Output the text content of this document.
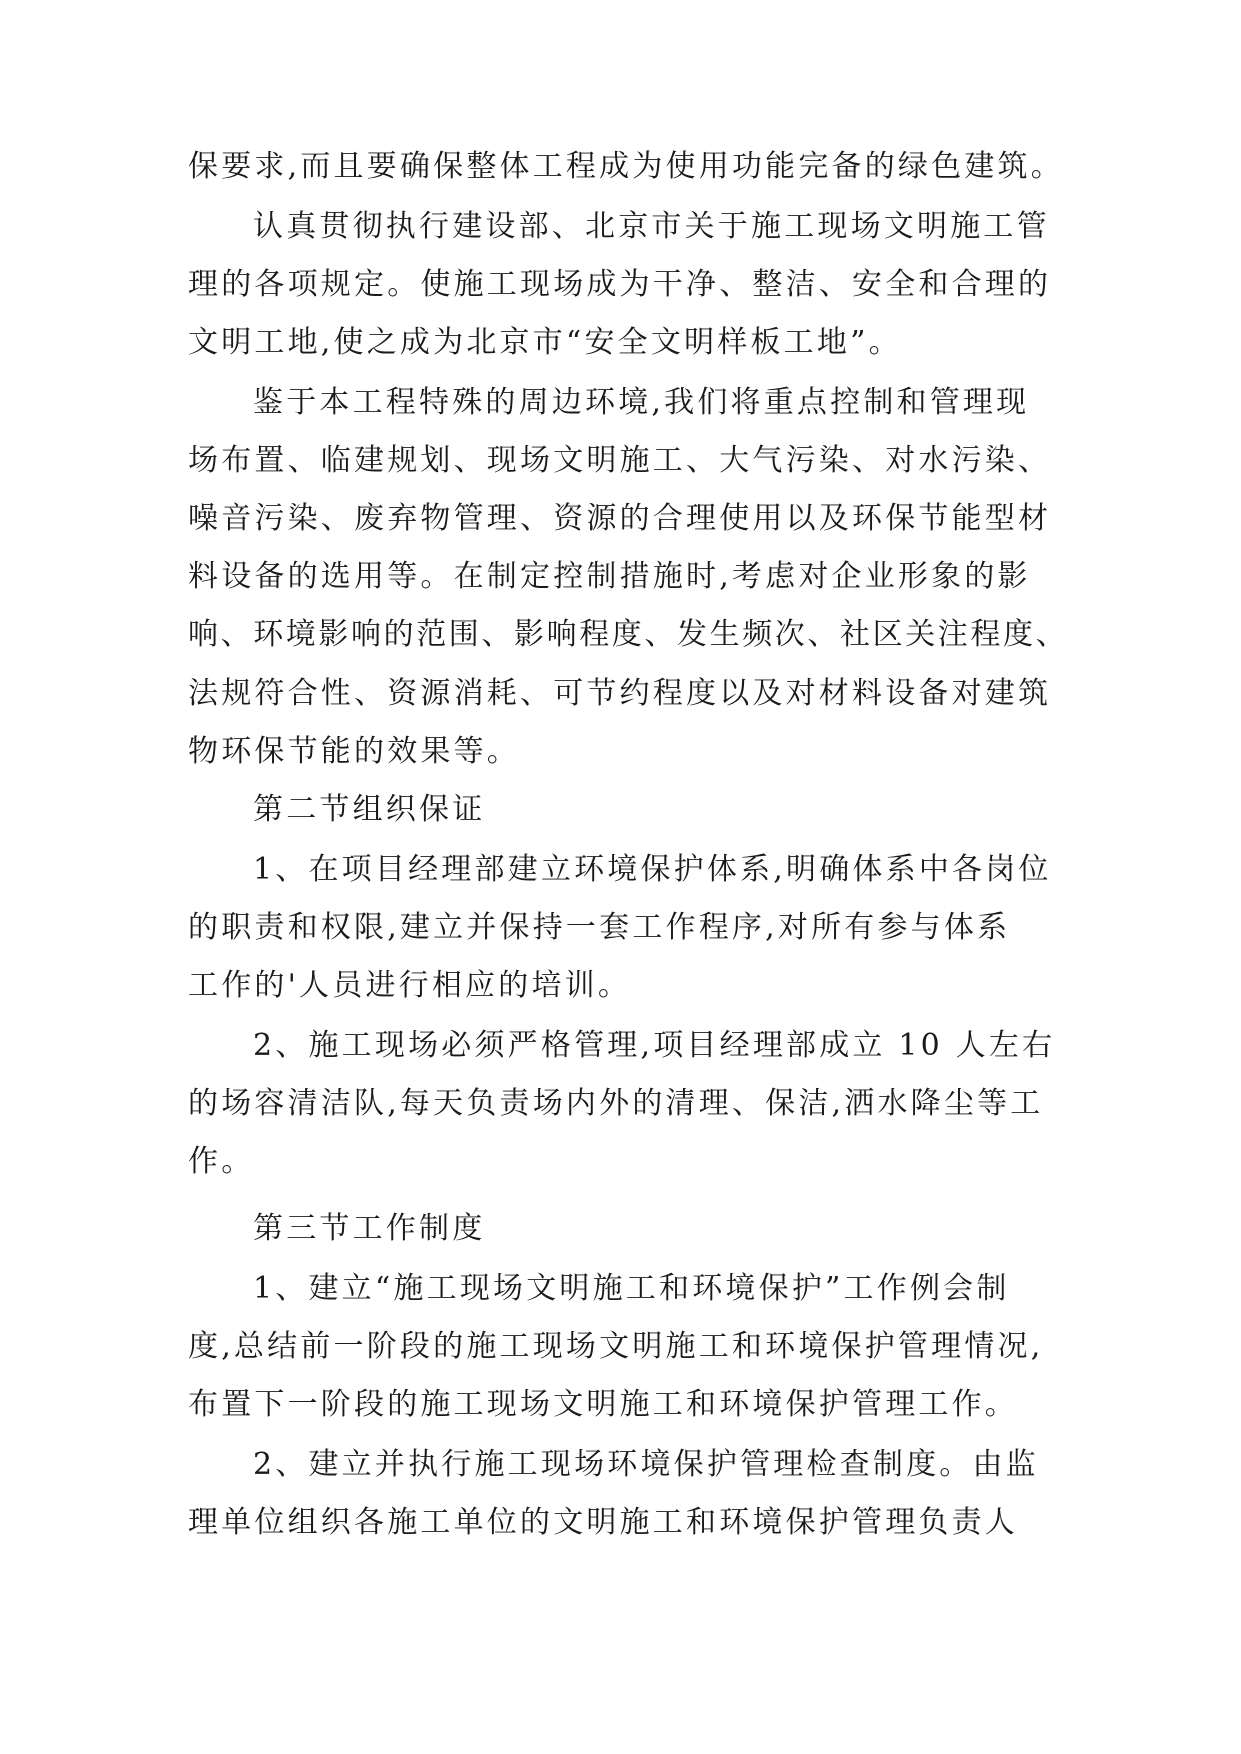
保要求,而且要确保整体工程成为使用功能完备的绿色建筑。
认真贯彻执行建设部、北京市关于施工现场文明施工管
理的各项规定。使施工现场成为干净、整洁、安全和合理的
文明工地,使之成为北京市“安全文明样板工地”。
鉴于本工程特殊的周边环境,我们将重点控制和管理现
场布置、临建规划、现场文明施工、大气污染、对水污染、
噪音污染、废弃物管理、资源的合理使用以及环保节能型材
料设备的选用等。在制定控制措施时,考虑对企业形象的影
响、环境影响的范围、影响程度、发生频次、社区关注程度、
法规符合性、资源消耗、可节约程度以及对材料设备对建筑
物环保节能的效果等。
第二节组织保证
1、在项目经理部建立环境保护体系,明确体系中各岗位
的职责和权限,建立并保持一套工作程序,对所有参与体系
工作的'人员进行相应的培训。
2、施工现场必须严格管理,项目经理部成立 10 人左右
的场容清洁队,每天负责场内外的清理、保洁,洒水降尘等工
作。
第三节工作制度
1、建立“施工现场文明施工和环境保护”工作例会制
度,总结前一阶段的施工现场文明施工和环境保护管理情况,
布置下一阶段的施工现场文明施工和环境保护管理工作。
2、建立并执行施工现场环境保护管理检查制度。由监
理单位组织各施工单位的文明施工和环境保护管理负责人
